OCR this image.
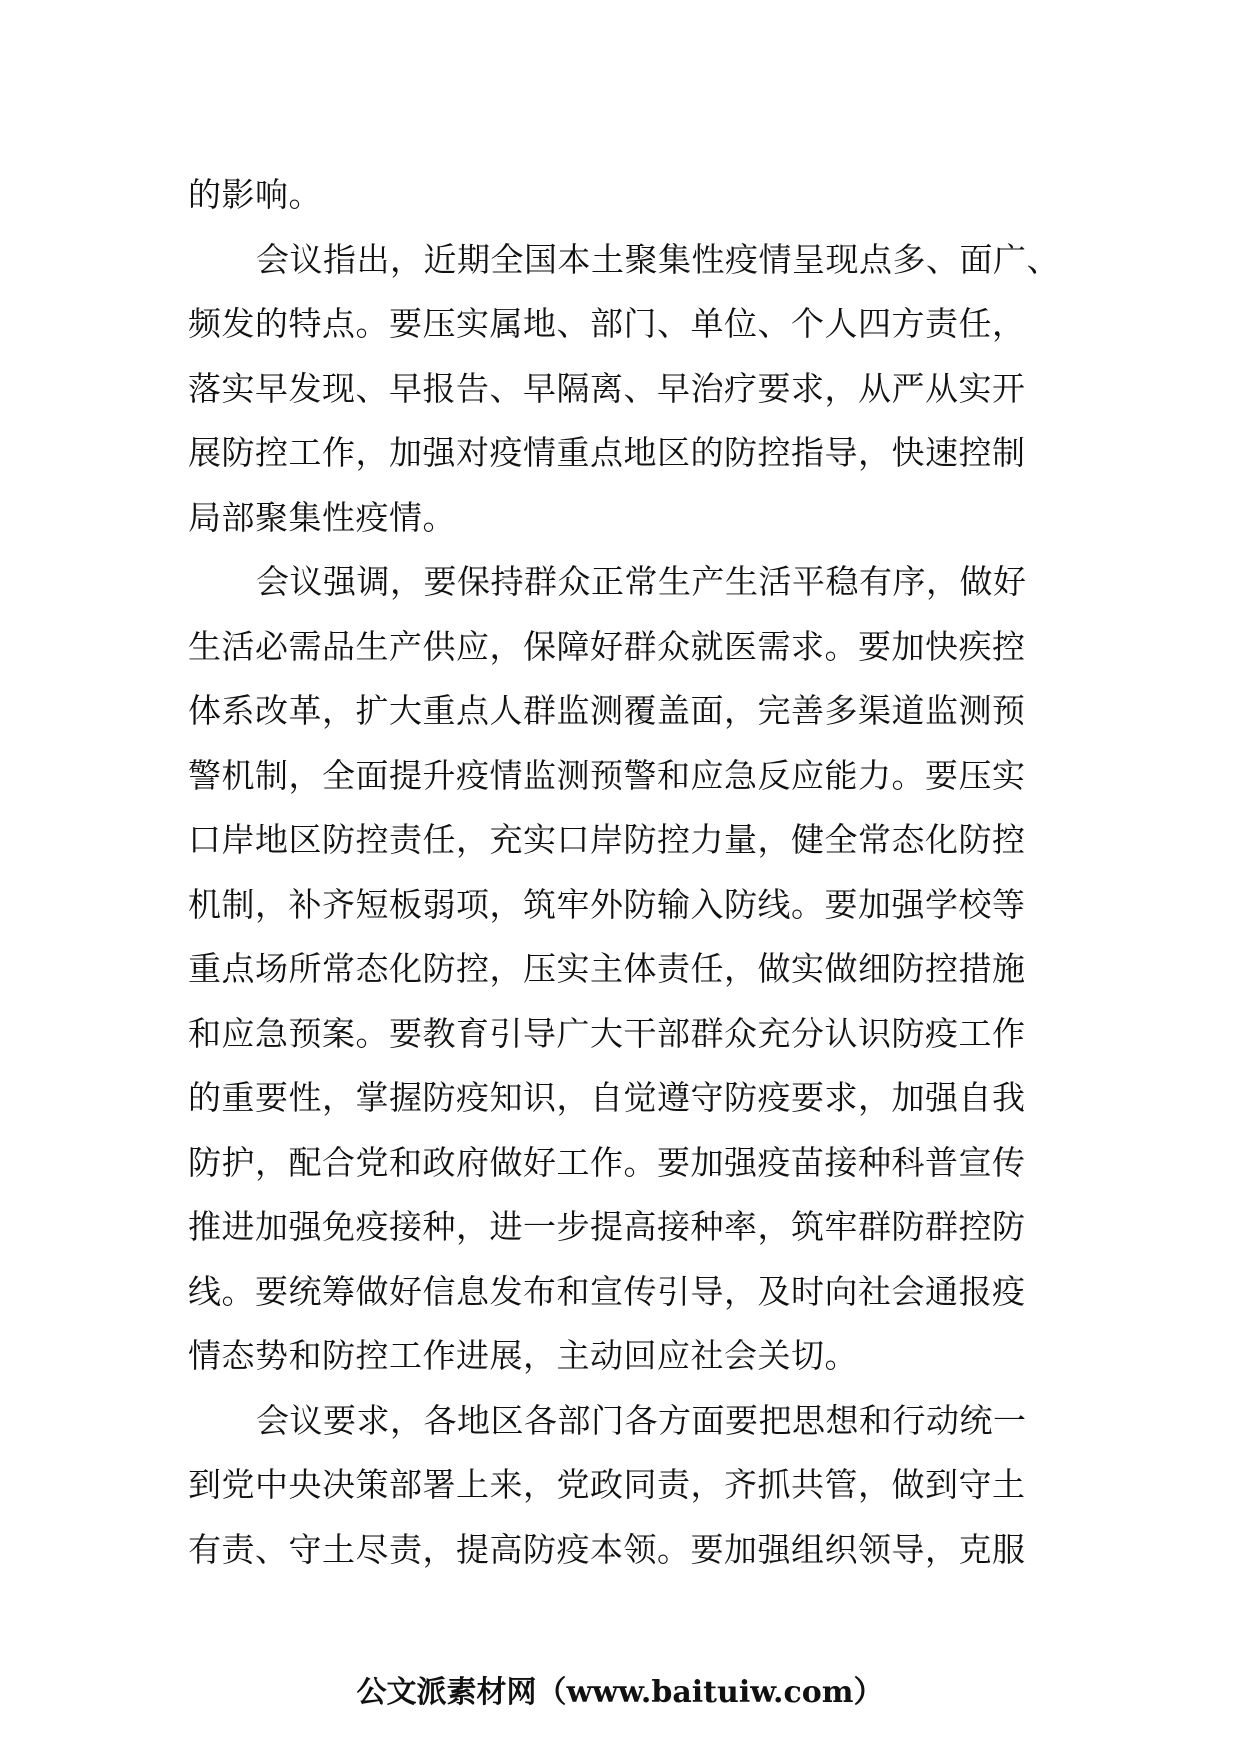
的影响。
会议指出，近期全国本土聚集性疫情呈现点多、面广、
频发的特点。要压实属地、部门、单位、个人四方责任，
落实早发现、早报告、早隔离、早治疗要求，从严从实开
展防控工作，加强对疫情重点地区的防控指导，快速控制
局部聚集性疫情。
会议强调，要保持群众正常生产生活平稳有序，做好
生活必需品生产供应，保障好群众就医需求。要加快疾控
体系改革，扩大重点人群监测覆盖面，完善多渠道监测预
警机制，全面提升疫情监测预警和应急反应能力。要压实
口岸地区防控责任，充实口岸防控力量，健全常态化防控
机制，补齐短板弱项，筑牢外防输入防线。要加强学校等
重点场所常态化防控，压实主体责任，做实做细防控措施
和应急预案。要教育引导广大干部群众充分认识防疫工作
的重要性，掌握防疫知识，自觉遵守防疫要求，加强自我
防护，配合党和政府做好工作。要加强疫苗接种科普宣传
推进加强免疫接种，进一步提高接种率，筑牢群防群控防
线。要统筹做好信息发布和宣传引导，及时向社会通报疫
情态势和防控工作进展，主动回应社会关切。
会议要求，各地区各部门各方面要把思想和行动统一
到党中央决策部署上来，党政同责，齐抓共管，做到守土
有责、守土尽责，提高防疫本领。要加强组织领导，克服
公文派素材网（www.baituiw.com）
